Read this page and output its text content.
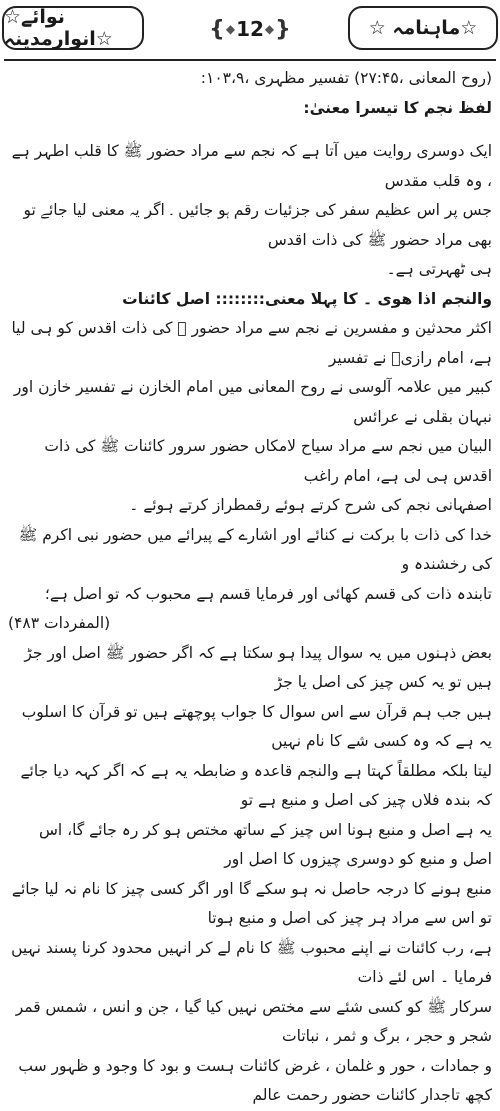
☆نوائے انوارمدینہ☆	{ ◆ 12 ◆ }	☆ ماہنامہ☆

(روح المعانی ،۲۷:۴۵) تفسیر مظہری ،۱۰۳،۹:

لفظ نجم کا تیسرا معنیٰ:

ایک دوسری روایت میں آتا ہے کہ نجم سے مراد حضور ﷺ کا قلب اطہر ہے ، وہ قلب مقدس

جس پر اس عظیم سفر کی جزئیات رقم ہو جائیں ۔ اگر یہ معنی لیا جائے تو بھی مراد حضور ﷺ کی ذات اقدس

ہی ٹھہرتی ہے۔

والنجم اذا ھوی ۔ کا پہلا معنی:::::::: اصل کائنات

اکثر محدثین و مفسرین نے نجم سے مراد حضور ﷺ کی ذات اقدس کو ہی لیا ہے، امام رازیؒ نے تفسیر

کبیر میں علامہ آلوسی نے روح المعانی میں امام الخازن نے تفسیر خازن اور نبہان بقلی نے عرائس

البیان میں نجم سے مراد سیاح لامکاں حضور سرور کائنات ﷺ کی ذات اقدس ہی لی ہے، امام راغب

اصفہانی نجم کی شرح کرتے ہوئے رقمطراز کرتے ہوئے ۔

خدا کی ذات با برکت نے کنائے اور اشارے کے پیرائے میں حضور نبی اکرم ﷺ کی رخشندہ و

تابندہ ذات کی قسم کھائی اور فرمایا قسم ہے محبوب کہ تو اصل ہے؛

(المفردات ۴۸۳)

بعض ذہنوں میں یہ سوال پیدا ہو سکتا ہے کہ اگر حضور ﷺ اصل اور جڑ ہیں تو یہ کس چیز کی اصل یا جڑ

ہیں جب ہم قرآن سے اس سوال کا جواب پوچھتے ہیں تو قرآن کا اسلوب یہ ہے کہ وہ کسی شے کا نام نہیں

لیتا بلکہ مطلقاً کہتا ہے والنجم قاعدہ و ضابطہ یہ ہے کہ اگر کہہ دیا جائے کہ بندہ فلاں چیز کی اصل و منبع ہے تو

یہ ہے اصل و منبع ہونا اس چیز کے ساتھ مختص ہو کر رہ جائے گا، اس اصل و منبع کو دوسری چیزوں کا اصل اور

منبع ہونے کا درجہ حاصل نہ ہو سکے گا اور اگر کسی چیز کا نام نہ لیا جائے تو اس سے مراد ہر چیز کی اصل و منبع ہوتا

ہے، رب کائنات نے اپنے محبوب ﷺ کا نام لے کر انہیں محدود کرنا پسند نہیں فرمایا ۔ اس لئے ذات

سرکار ﷺ کو کسی شئے سے مختص نہیں کیا گیا ، جن و انس ، شمس قمر شجر و حجر ، برگ و ثمر ، نباتات

و جمادات ، حور و غلمان ، غرض کائنات ہست و بود کا وجود و ظہور سب کچھ تاجدار کائنات حضور رحمت عالم
